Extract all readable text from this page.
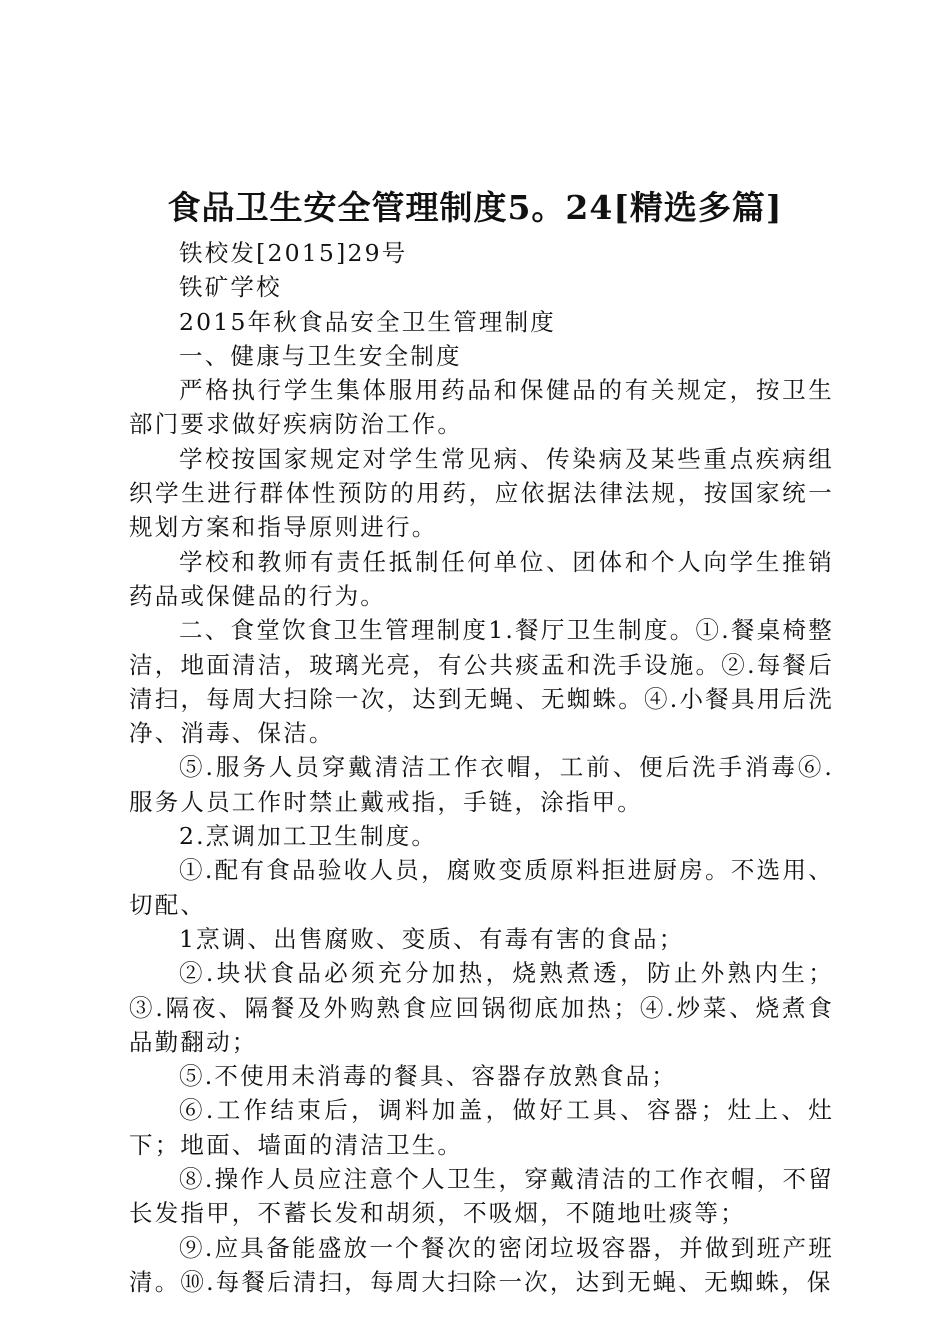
食品卫生安全管理制度5。24[精选多篇]

铁校发[2015]29号

铁矿学校

2015年秋食品安全卫生管理制度

一、健康与卫生安全制度

严格执行学生集体服用药品和保健品的有关规定，按卫生部门要求做好疾病防治工作。

学校按国家规定对学生常见病、传染病及某些重点疾病组织学生进行群体性预防的用药，应依据法律法规，按国家统一规划方案和指导原则进行。

学校和教师有责任抵制任何单位、团体和个人向学生推销药品或保健品的行为。

二、食堂饮食卫生管理制度1.餐厅卫生制度。①.餐桌椅整洁，地面清洁，玻璃光亮，有公共痰盂和洗手设施。②.每餐后清扫，每周大扫除一次，达到无蝇、无蜘蛛。④.小餐具用后洗净、消毒、保洁。

⑤.服务人员穿戴清洁工作衣帽，工前、便后洗手消毒⑥.服务人员工作时禁止戴戒指，手链，涂指甲。

2.烹调加工卫生制度。

①.配有食品验收人员，腐败变质原料拒进厨房。不选用、切配、

1烹调、出售腐败、变质、有毒有害的食品；

②.块状食品必须充分加热，烧熟煮透，防止外熟内生；③.隔夜、隔餐及外购熟食应回锅彻底加热；④.炒菜、烧煮食品勤翻动；

⑤.不使用未消毒的餐具、容器存放熟食品；

⑥.工作结束后，调料加盖，做好工具、容器；灶上、灶下；地面、墙面的清洁卫生。

⑧.操作人员应注意个人卫生，穿戴清洁的工作衣帽，不留长发指甲，不蓄长发和胡须，不吸烟，不随地吐痰等；

⑨.应具备能盛放一个餐次的密闭垃圾容器，并做到班产班清。⑩.每餐后清扫，每周大扫除一次，达到无蝇、无蜘蛛，保
